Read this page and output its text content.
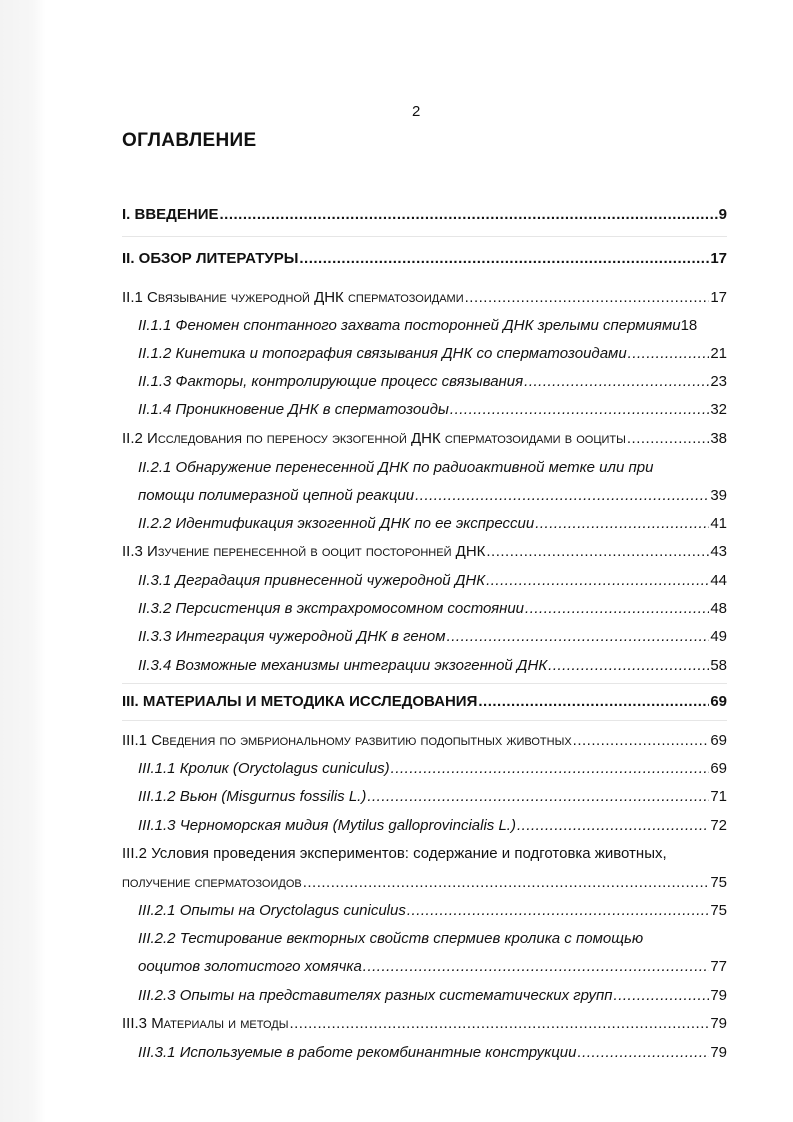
2
ОГЛАВЛЕНИЕ
I. ВВЕДЕНИЕ .....	9
II. ОБЗОР ЛИТЕРАТУРЫ .....	17
II.1 Связывание чужеродной ДНК сперматозоидами .....	17
II.1.1 Феномен спонтанного захвата посторонней ДНК зрелыми спермиями 18
II.1.2 Кинетика и топография связывания ДНК со сперматозоидами .....	21
II.1.3 Факторы, контролирующие процесс связывания .....	23
II.1.4 Проникновение ДНК в сперматозоиды .....	32
II.2 Исследования по переносу экзогенной ДНК сперматозоидами в ооциты .....	38
II.2.1 Обнаружение перенесенной ДНК по радиоактивной метке или при
помощи полимеразной цепной реакции .....	39
II.2.2 Идентификация экзогенной ДНК по ее экспрессии .....	41
II.3 Изучение перенесенной в ооцит посторонней ДНК .....	43
II.3.1 Деградация привнесенной чужеродной ДНК .....	44
II.3.2 Персистенция в экстрахромосомном состоянии .....	48
II.3.3 Интеграция чужеродной ДНК в геном .....	49
II.3.4 Возможные механизмы интеграции экзогенной ДНК .....	58
III. МАТЕРИАЛЫ И МЕТОДИКА ИССЛЕДОВАНИЯ .....	69
III.1 Сведения по эмбриональному развитию подопытных животных .....	69
III.1.1 Кролик (Oryctolagus cuniculus) .....	69
III.1.2 Вьюн (Misgurnus fossilis L.) .....	71
III.1.3 Черноморская мидия (Mytilus galloprovincialis L.) .....	72
III.2 Условия проведения экспериментов: содержание и подготовка животных,
получение сперматозоидов .....	75
III.2.1 Опыты на Oryctolagus cuniculus .....	75
III.2.2 Тестирование векторных свойств спермиев кролика с помощью
ооцитов золотистого хомячка .....	77
III.2.3 Опыты на представителях разных систематических групп .....	79
III.3 Материалы и методы .....	79
III.3.1 Используемые в работе рекомбинантные конструкции .....	79
